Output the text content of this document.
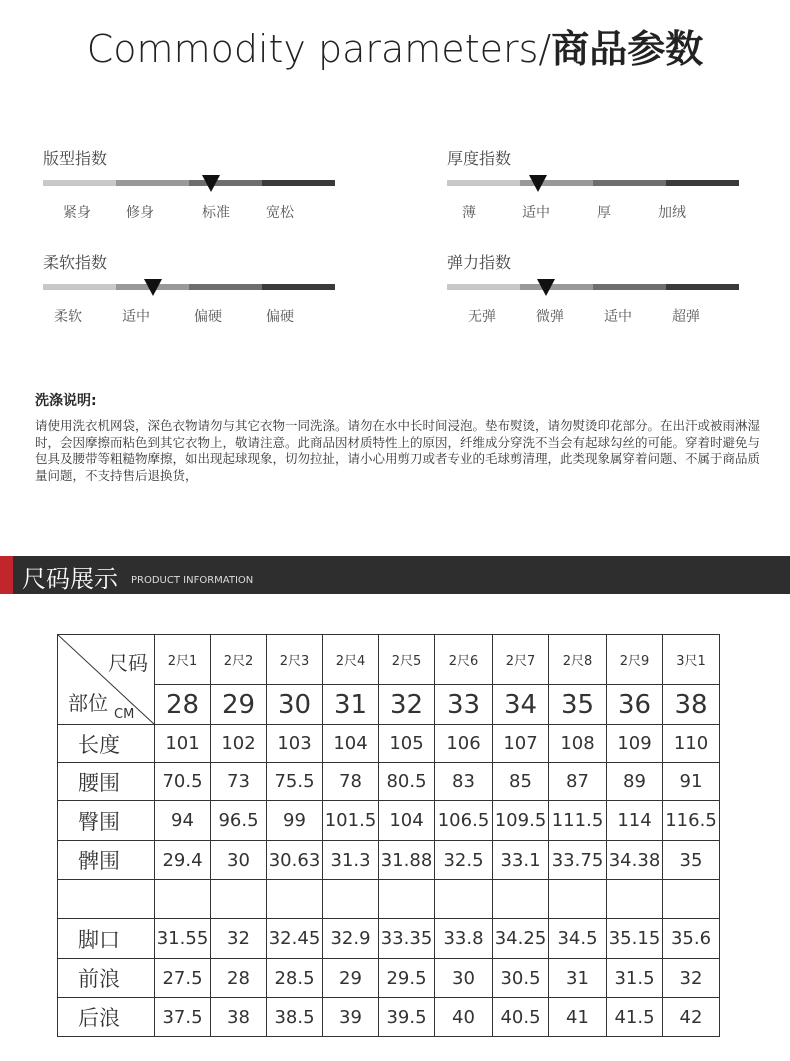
Commodity parameters/商品参数
版型指数
紧身	修身	标准	宽松
厚度指数
薄	适中	厚	加绒
柔软指数
柔软	适中	偏硬	偏硬
弹力指数
无弹	微弹	适中	超弹
洗涤说明:
请使用洗衣机网袋，深色衣物请勿与其它衣物一同洗涤。请勿在水中长时间浸泡。垫布熨烫，请勿熨烫印花部分。在出汗或被雨淋湿时，会因摩擦而粘色到其它衣物上，敬请注意。此商品因材质特性上的原因，纤维成分穿洗不当会有起球勾丝的可能。穿着时避免与包具及腰带等粗糙物摩擦，如出现起球现象，切勿拉扯，请小心用剪刀或者专业的毛球剪清理，此类现象属穿着问题、不属于商品质量问题，不支持售后退换货，
尺码展示 PRODUCT INFORMATION
尺码
部位 CM	2尺1	2尺2	2尺3	2尺4	2尺5	2尺6	2尺7	2尺8	2尺9	3尺1
	28	29	30	31	32	33	34	35	36	38
长度	101	102	103	104	105	106	107	108	109	110
腰围	70.5	73	75.5	78	80.5	83	85	87	89	91
臀围	94	96.5	99	101.5	104	106.5	109.5	111.5	114	116.5
髀围	29.4	30	30.63	31.3	31.88	32.5	33.1	33.75	34.38	35

脚口	31.55	32	32.45	32.9	33.35	33.8	34.25	34.5	35.15	35.6
前浪	27.5	28	28.5	29	29.5	30	30.5	31	31.5	32
后浪	37.5	38	38.5	39	39.5	40	40.5	41	41.5	42
